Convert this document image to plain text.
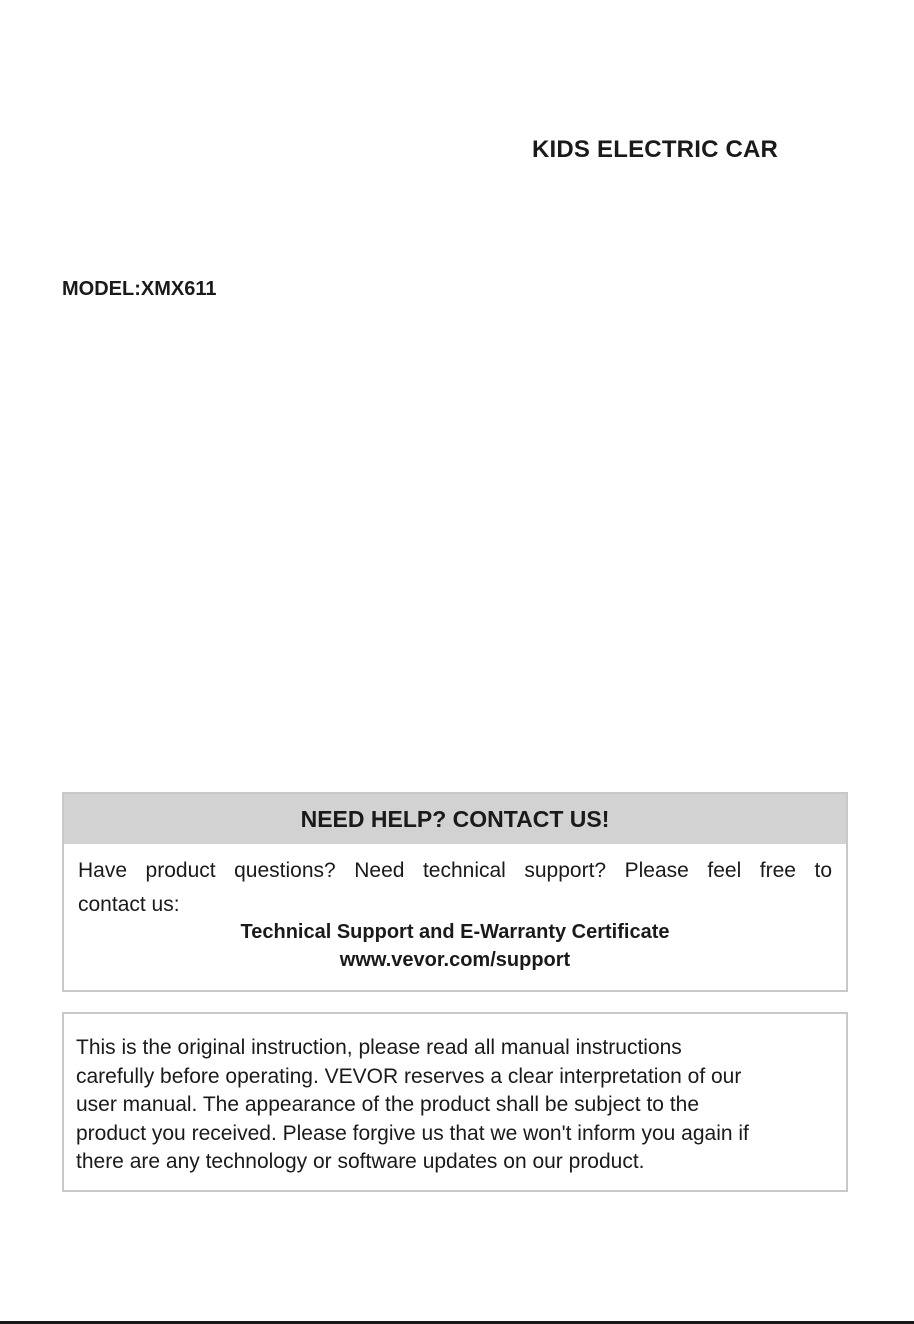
KIDS ELECTRIC CAR
MODEL:XMX611
NEED HELP? CONTACT US!

Have product questions? Need technical support? Please feel free to
contact us:

Technical Support and E-Warranty Certificate
www.vevor.com/support
This is the original instruction, please read all manual instructions
carefully before operating. VEVOR reserves a clear interpretation of our
user manual. The appearance of the product shall be subject to the
product you received. Please forgive us that we won't inform you again if
there are any technology or software updates on our product.
